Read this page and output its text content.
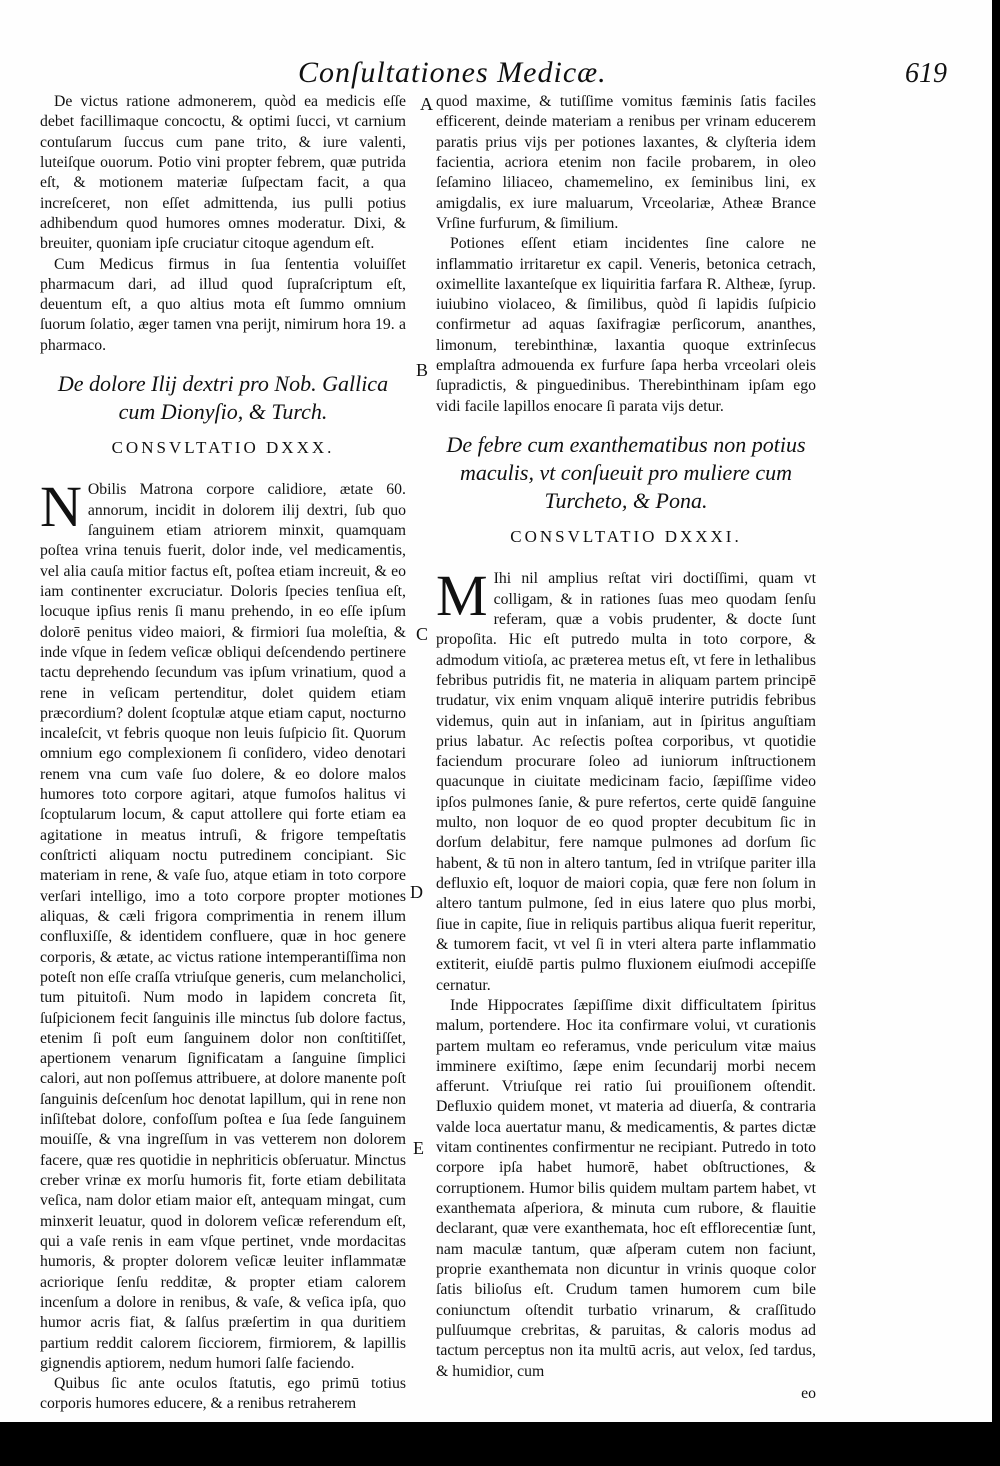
Conſultationes Medicæ.	619
A
B
C
D
E

De victus ratione admonerem, quòd ea medicis eſſe debet facillimaque concoctu, & optimi ſucci, vt carnium contuſarum ſuccus cum pane trito, & iure valenti, luteiſque ouorum. Potio vini propter febrem, quæ putrida eſt, & motionem materiæ ſuſpectam facit, a qua increſceret, non eſſet admittenda, ius pulli potius adhibendum quod humores omnes moderatur. Dixi, & breuiter, quoniam ipſe cruciatur citoque agendum eſt.

Cum Medicus firmus in ſua ſententia voluiſſet pharmacum dari, ad illud quod ſupraſcriptum eſt, deuentum eſt, a quo altius mota eſt ſummo omnium ſuorum ſolatio, æger tamen vna perijt, nimirum hora 19. a pharmaco.

De dolore Ilij dextri pro Nob. Gallica cum Dionyſio, & Turch.
CONSVLTATIO DXXX.

N Obilis Matrona corpore calidiore, ætate 60. annorum, incidit in dolorem ilij dextri, ſub quo ſanguinem etiam atriorem minxit, quamquam poſtea vrina tenuis fuerit, dolor inde, vel medicamentis, vel alia cauſa mitior factus eſt, poſtea etiam increuit, & eo iam continenter excruciatur. Doloris ſpecies tenſiua eſt, locuque ipſius renis ſi manu prehendo, in eo eſſe ipſum dolorē penitus video maiori, & firmiori ſua moleſtia, & inde vſque in ſedem veſicæ obliqui deſcendendo pertinere tactu deprehendo ſecundum vas ipſum vrinatium, quod a rene in veſicam pertenditur, dolet quidem etiam præcordium? dolent ſcoptulæ atque etiam caput, nocturno incaleſcit, vt febris quoque non leuis ſuſpicio ſit. Quorum omnium ego complexionem ſi conſidero, video denotari renem vna cum vaſe ſuo dolere, & eo dolore malos humores toto corpore agitari, atque fumoſos halitus vi ſcoptularum locum, & caput attollere qui forte etiam ea agitatione in meatus intruſi, & frigore tempeſtatis conſtricti aliquam noctu putredinem concipiant. Sic materiam in rene, & vaſe ſuo, atque etiam in toto corpore verſari intelligo, imo a toto corpore propter motiones aliquas, & cæli frigora comprimentia in renem illum confluxiſſe, & identidem confluere, quæ in hoc genere corporis, & ætate, ac victus ratione intemperantiſſima non poteſt non eſſe craſſa vtriuſque generis, cum melancholici, tum pituitoſi. Num modo in lapidem concreta ſit, ſuſpicionem fecit ſanguinis ille minctus ſub dolore factus, etenim ſi poſt eum ſanguinem dolor non conſtitiſſet, apertionem venarum ſignificatam a ſanguine ſimplici calori, aut non poſſemus attribuere, at dolore manente poſt ſanguinis deſcenſum hoc denotat lapillum, qui in rene non inſiſtebat dolore, confoſſum poſtea e ſua ſede ſanguinem mouiſſe, & vna ingreſſum in vas vetterem non dolorem facere, quæ res quotidie in nephriticis obſeruatur. Minctus creber vrinæ ex morſu humoris fit, forte etiam debilitata veſica, nam dolor etiam maior eſt, antequam mingat, cum minxerit leuatur, quod in dolorem veſicæ referendum eſt, qui a vaſe renis in eam vſque pertinet, vnde mordacitas humoris, & propter dolorem veſicæ leuiter inflammatæ acriorique ſenſu redditæ, & propter etiam calorem incenſum a dolore in renibus, & vaſe, & veſica ipſa, quo humor acris fiat, & ſalſus præſertim in qua duritiem partium reddit calorem ſicciorem, firmiorem, & lapillis gignendis aptiorem, nedum humori ſalſe faciendo.

Quibus ſic ante oculos ſtatutis, ego primū totius corporis humores educere, & a renibus retraherem

quod maxime, & tutiſſime vomitus fæminis ſatis faciles efficerent, deinde materiam a renibus per vrinam educerem paratis prius vijs per potiones laxantes, & clyſteria idem facientia, acriora etenim non facile probarem, in oleo ſeſamino liliaceo, chamemelino, ex ſeminibus lini, ex amigdalis, ex iure maluarum, Vrceolariæ, Atheæ Brance Vrſine furfurum, & ſimilium.

Potiones eſſent etiam incidentes ſine calore ne inflammatio irritaretur ex capil. Veneris, betonica cetrach, oximellite laxanteſque ex liquiritia farfara R. Altheæ, ſyrup. iuiubino violaceo, & ſimilibus, quòd ſi lapidis ſuſpicio confirmetur ad aquas ſaxifragiæ perſicorum, ananthes, limonum, terebinthinæ, laxantia quoque extrinſecus emplaſtra admouenda ex furfure ſapa herba vrceolari oleis ſupradictis, & pinguedinibus. Therebinthinam ipſam ego vidi facile lapillos enocare ſi parata vijs detur.

De febre cum exanthematibus non potius maculis, vt conſueuit pro muliere cum Turcheto, & Pona.
CONSVLTATIO DXXXI.

M Ihi nil amplius reſtat viri doctiſſimi, quam vt colligam, & in rationes ſuas meo quodam ſenſu referam, quæ a vobis prudenter, & docte ſunt propoſita. Hic eſt putredo multa in toto corpore, & admodum vitioſa, ac præterea metus eſt, vt fere in lethalibus febribus putridis fit, ne materia in aliquam partem principē trudatur, vix enim vnquam aliquē interire putridis febribus videmus, quin aut in inſaniam, aut in ſpiritus anguſtiam prius labatur. Ac reſectis poſtea corporibus, vt quotidie faciendum procurare ſoleo ad iuniorum inſtructionem quacunque in ciuitate medicinam facio, ſæpiſſime video ipſos pulmones ſanie, & pure refertos, certe quidē ſanguine multo, non loquor de eo quod propter decubitum ſic in dorſum delabitur, fere namque pulmones ad dorſum ſic habent, & tū non in altero tantum, ſed in vtriſque pariter illa defluxio eſt, loquor de maiori copia, quæ fere non ſolum in altero tantum pulmone, ſed in eius latere quo plus morbi, ſiue in capite, ſiue in reliquis partibus aliqua fuerit reperitur, & tumorem facit, vt vel ſi in vteri altera parte inflammatio extiterit, eiuſdē partis pulmo fluxionem eiuſmodi accepiſſe cernatur.

Inde Hippocrates ſæpiſſime dixit difficultatem ſpiritus malum, portendere. Hoc ita confirmare volui, vt curationis partem multam eo referamus, vnde periculum vitæ maius imminere exiſtimo, ſæpe enim ſecundarij morbi necem afferunt. Vtriuſque rei ratio ſui prouiſionem oſtendit. Defluxio quidem monet, vt materia ad diuerſa, & contraria valde loca auertatur manu, & medicamentis, & partes dictæ vitam continentes confirmentur ne recipiant. Putredo in toto corpore ipſa habet humorē, habet obſtructiones, & corruptionem. Humor bilis quidem multam partem habet, vt exanthemata aſperiora, & minuta cum rubore, & flauitie declarant, quæ vere exanthemata, hoc eſt efflorecentiæ ſunt, nam maculæ tantum, quæ aſperam cutem non faciunt, proprie exanthemata non dicuntur in vrinis quoque color ſatis bilioſus eſt. Crudum tamen humorem cum bile coniunctum oſtendit turbatio vrinarum, & craſſitudo pulſuumque crebritas, & paruitas, & caloris modus ad tactum perceptus non ita multū acris, aut velox, ſed tardus, & humidior, cum

eo
